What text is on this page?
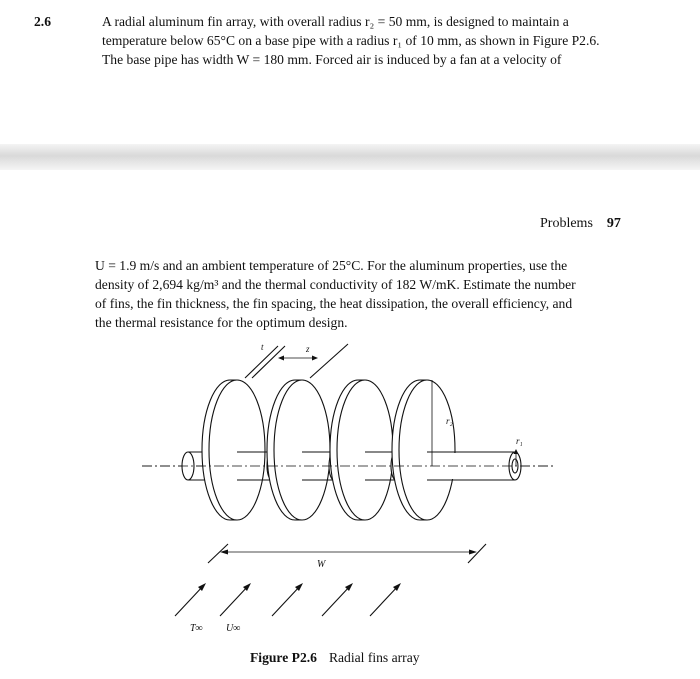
2.6	A radial aluminum fin array, with overall radius r₂ = 50 mm, is designed to maintain a
temperature below 65°C on a base pipe with a radius r₁ of 10 mm, as shown in Figure P2.6.
The base pipe has width W = 180 mm. Forced air is induced by a fan at a velocity of
Problems 97
U = 1.9 m/s and an ambient temperature of 25°C. For the aluminum properties, use the
density of 2,694 kg/m³ and the thermal conductivity of 182 W/mK. Estimate the number
of fins, the fin thickness, the fin spacing, the heat dissipation, the overall efficiency, and
the thermal resistance for the optimum design.
t	z
r₂
r₁
W
T∞ U∞
Figure P2.6 Radial fins array
